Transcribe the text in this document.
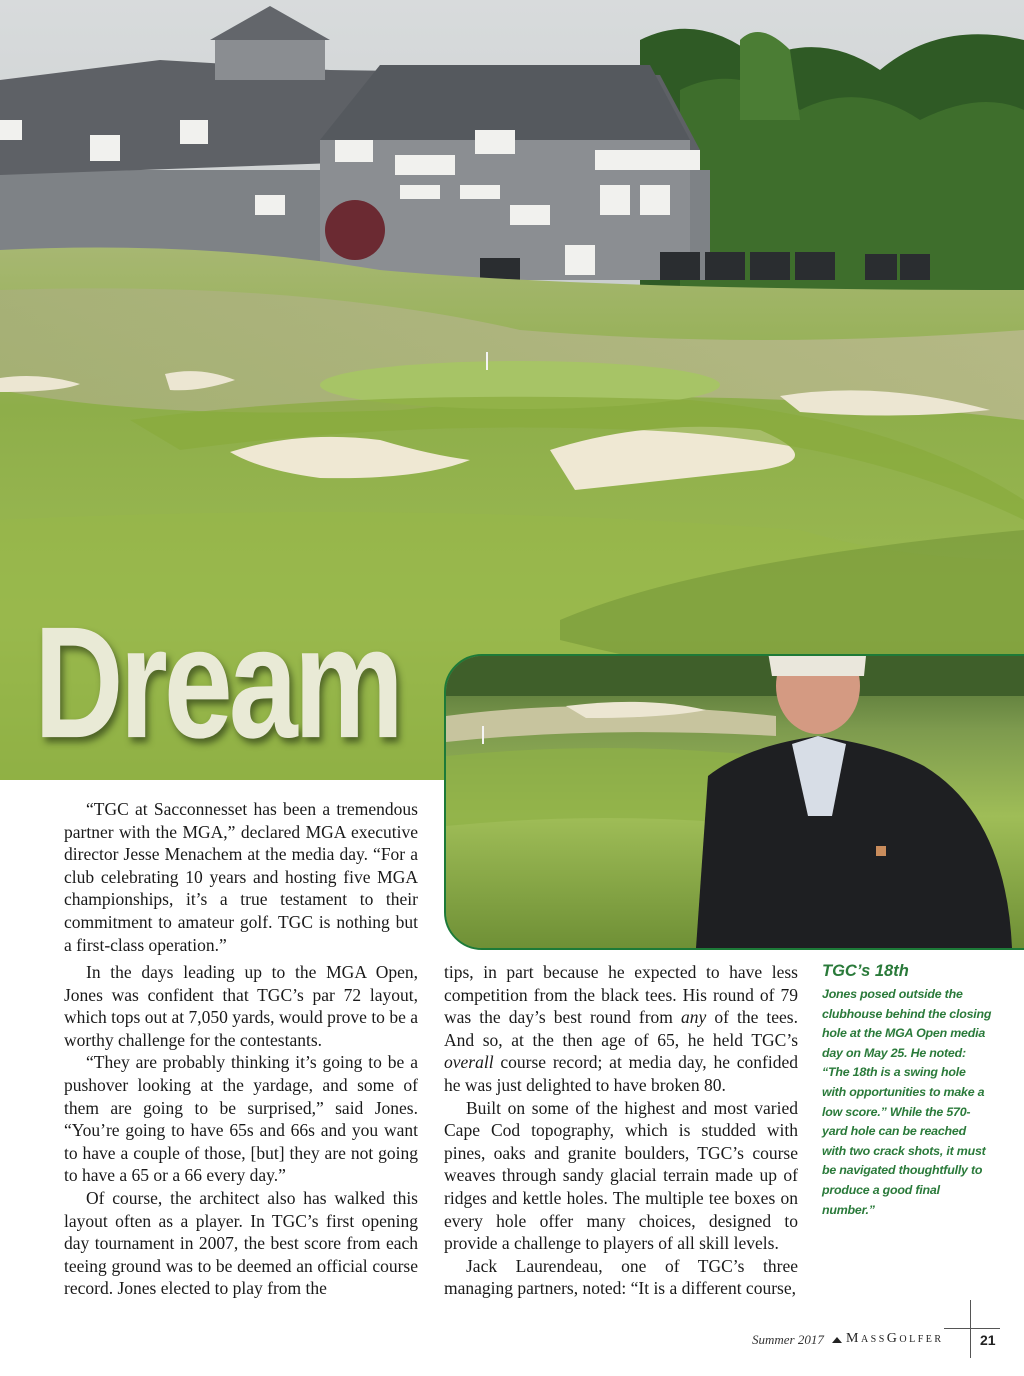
Dream

“TGC at Sacconnesset has been a tremendous partner with the MGA,” declared MGA executive director Jesse Menachem at the media day. “For a club celebrating 10 years and hosting five MGA championships, it’s a true testament to their commitment to amateur golf. TGC is nothing but a first-class operation.”

In the days leading up to the MGA Open, Jones was confident that TGC’s par 72 layout, which tops out at 7,050 yards, would prove to be a worthy challenge for the contestants.

“They are probably thinking it’s going to be a pushover looking at the yardage, and some of them are going to be surprised,” said Jones. “You’re going to have 65s and 66s and you want to have a couple of those, [but] they are not going to have a 65 or a 66 every day.”

Of course, the architect also has walked this layout often as a player. In TGC’s first opening day tournament in 2007, the best score from each teeing ground was to be deemed an official course record. Jones elected to play from the

tips, in part because he expected to have less competition from the black tees. His round of 79 was the day’s best round from any of the tees. And so, at the then age of 65, he held TGC’s overall course record; at media day, he confided he was just delighted to have broken 80.

Built on some of the highest and most varied Cape Cod topography, which is studded with pines, oaks and granite boulders, TGC’s course weaves through sandy glacial terrain made up of ridges and kettle holes. The multiple tee boxes on every hole offer many choices, designed to provide a challenge to players of all skill levels.

Jack Laurendeau, one of TGC’s three managing partners, noted: “It is a different course,

TGC’s 18th
Jones posed outside the clubhouse behind the closing hole at the MGA Open media day on May 25. He noted: “The 18th is a swing hole with opportunities to make a low score.” While the 570-yard hole can be reached with two crack shots, it must be navigated thoughtfully to produce a good final number.”
Summer 2017 MassGolfer	21
